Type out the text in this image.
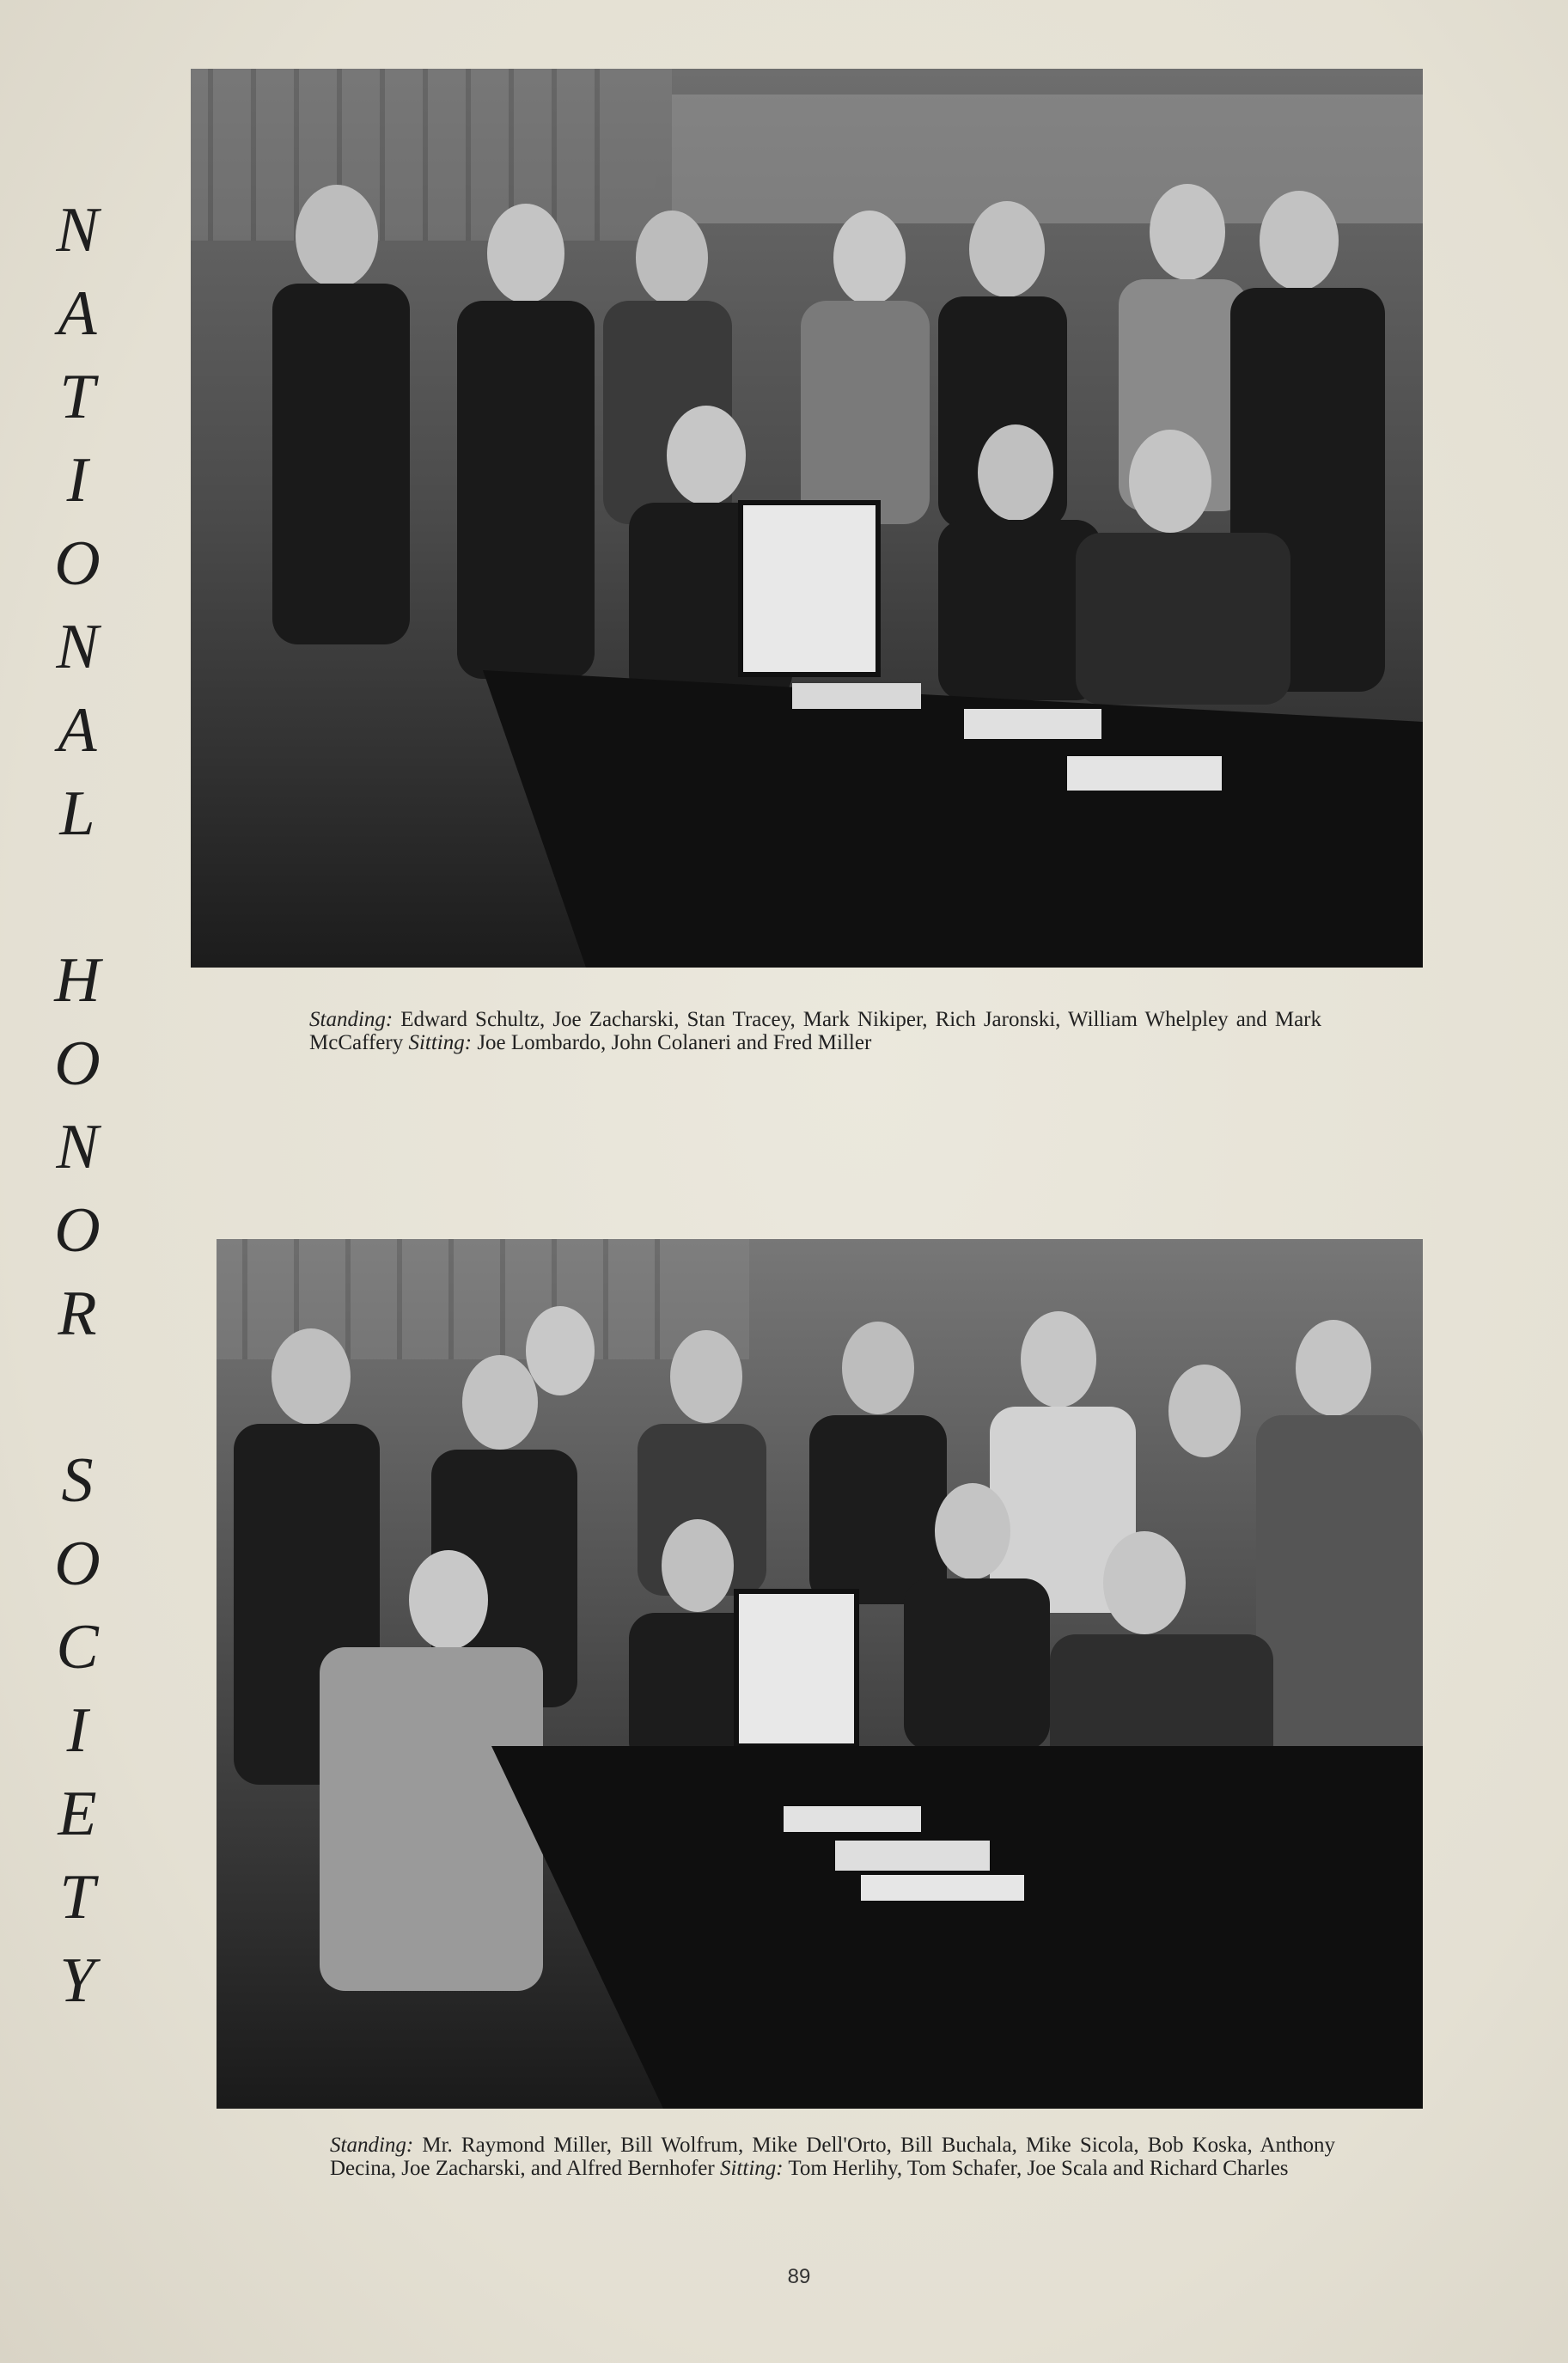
N
A
T
I
O
N
A
L
H
O
N
O
R
S
O
C
I
E
T
Y
Standing: Edward Schultz, Joe Zacharski, Stan Tracey, Mark Nikiper, Rich Jaronski, William Whelpley and Mark McCaffery Sitting: Joe Lombardo, John Colaneri and Fred Miller
Standing: Mr. Raymond Miller, Bill Wolfrum, Mike Dell'Orto, Bill Buchala, Mike Sicola, Bob Koska, Anthony Decina, Joe Zacharski, and Alfred Bernhofer Sitting: Tom Herlihy, Tom Schafer, Joe Scala and Richard Charles
89
